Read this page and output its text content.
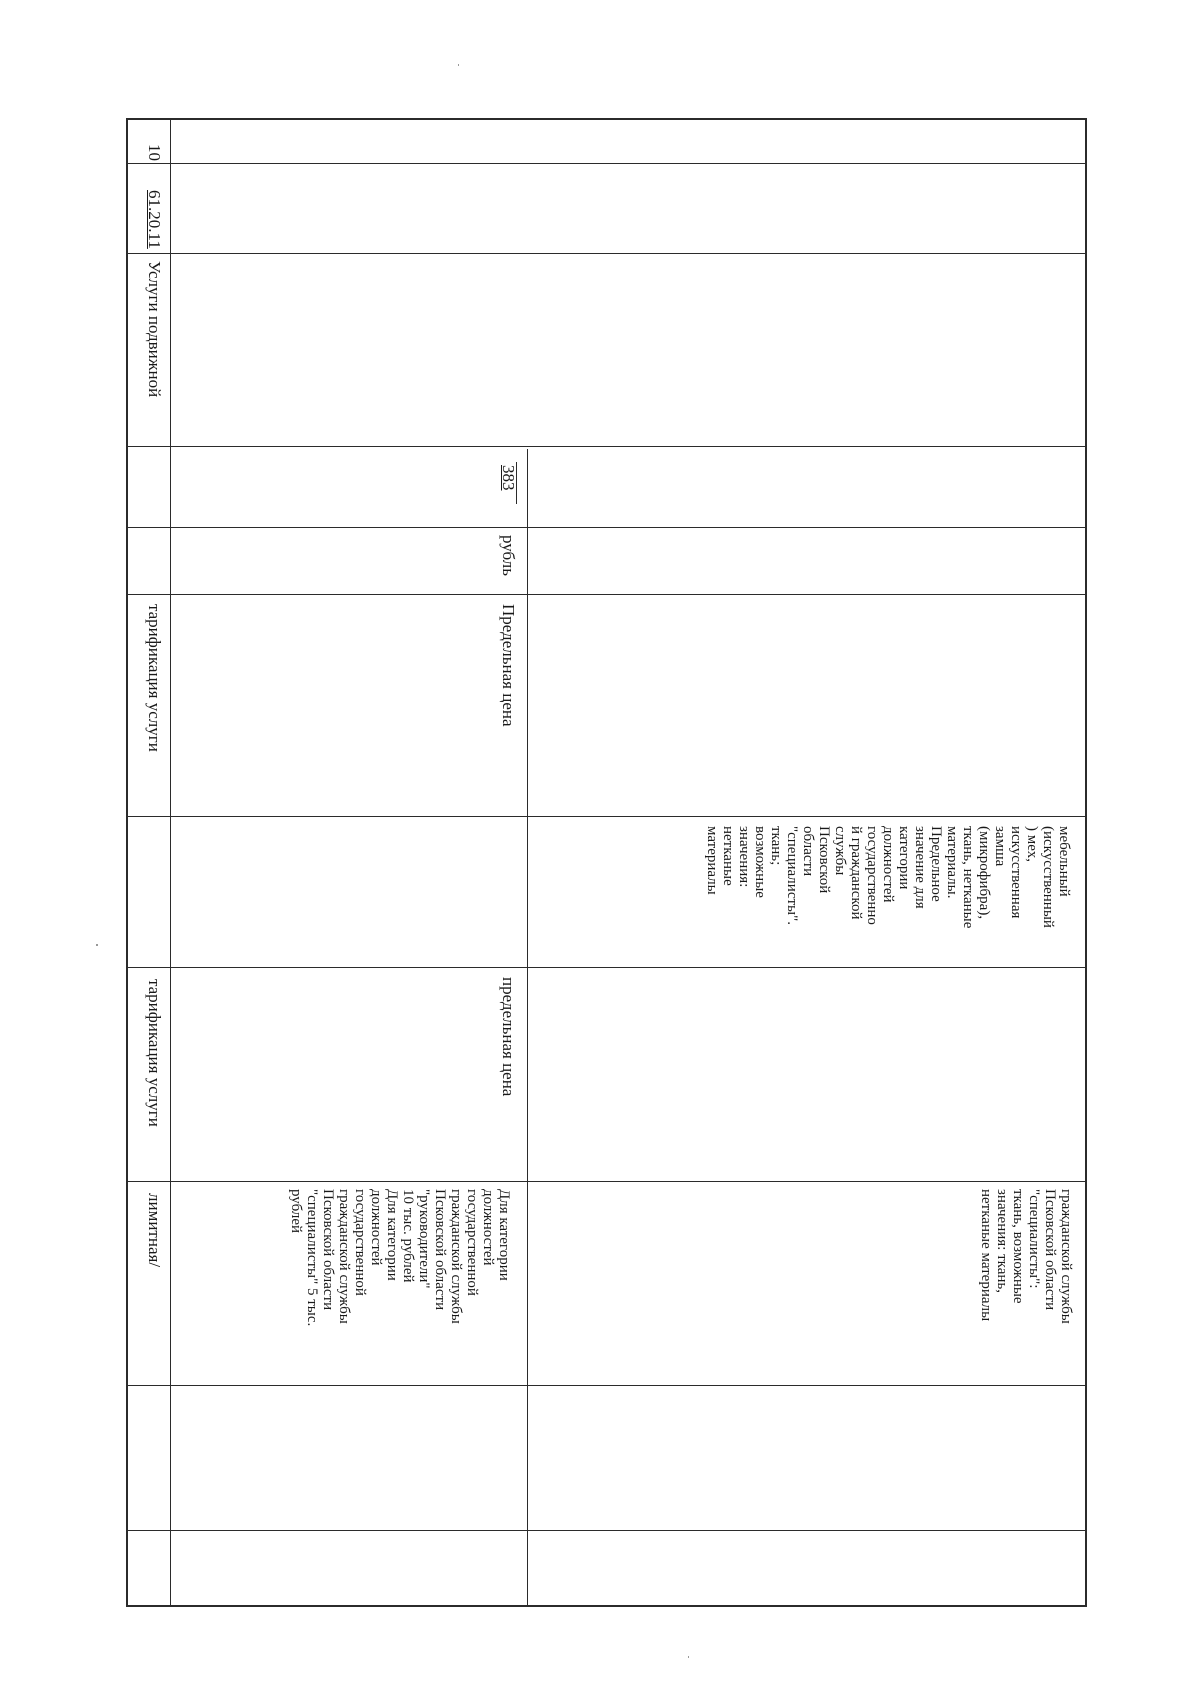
10
61.20.11
Услуги подвижной
тарификация услуги
тарификация услуги
лимитная/
383
рубль
Предельная цена
предельная цена
Для категории
должностей
государственной
гражданской службы
Псковской области
"руководители"
10 тыс. рублей
Для категории
должностей
государственной
гражданской службы
Псковской области
"специалисты" 5 тыс.
рублей
мебельный
(искусственный
) мех,
искусственная
замша
(микрофибра),
ткань, нетканые
материалы.
Предельное
значение для
категории
должностей
государственно
й гражданской
службы
Псковской
области
"специалисты".
ткань;
возможные
значения:
нетканые
материалы
гражданской службы
Псковской области
"специалисты":
ткань, возможные
значения: ткань,
нетканые материалы
